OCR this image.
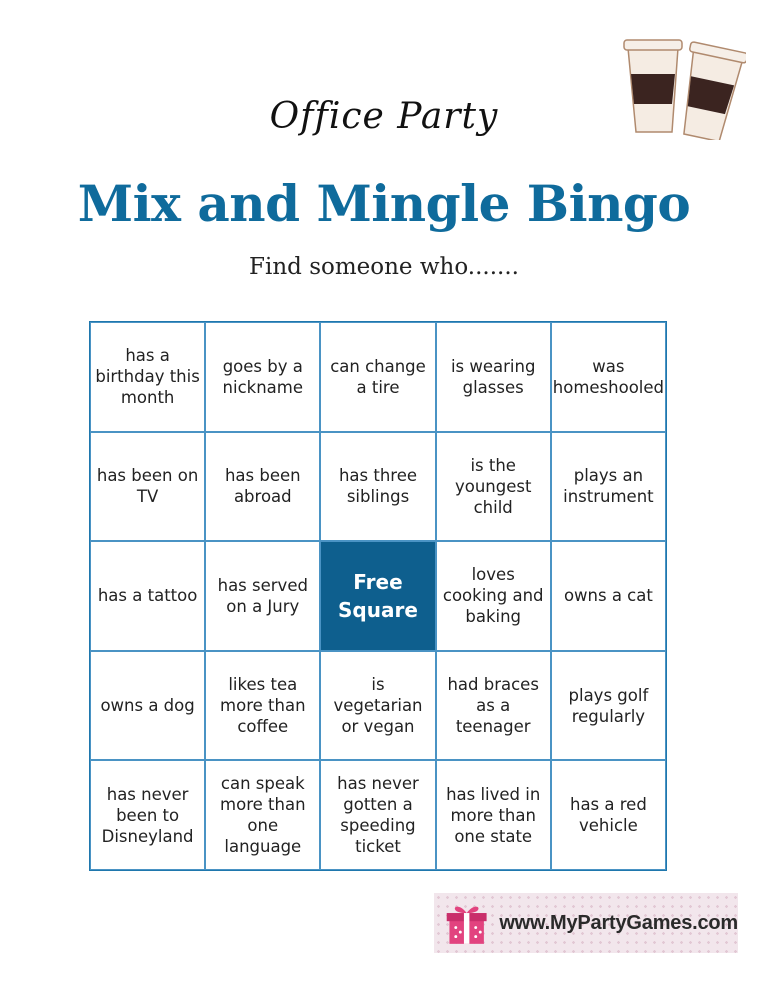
Office Party
Mix and Mingle Bingo
Find someone who.......
has a birthday this month
goes by a nickname
can change a tire
is wearing glasses
was homeshooled
has been on TV
has been abroad
has three siblings
is the youngest child
plays an instrument
has a tattoo
has served on a Jury
Free Square
loves cooking and baking
owns a cat
owns a dog
likes tea more than coffee
is vegetarian or vegan
had braces as a teenager
plays golf regularly
has never been to Disneyland
can speak more than one language
has never gotten a speeding ticket
has lived in more than one state
has a red vehicle
www.MyPartyGames.com
